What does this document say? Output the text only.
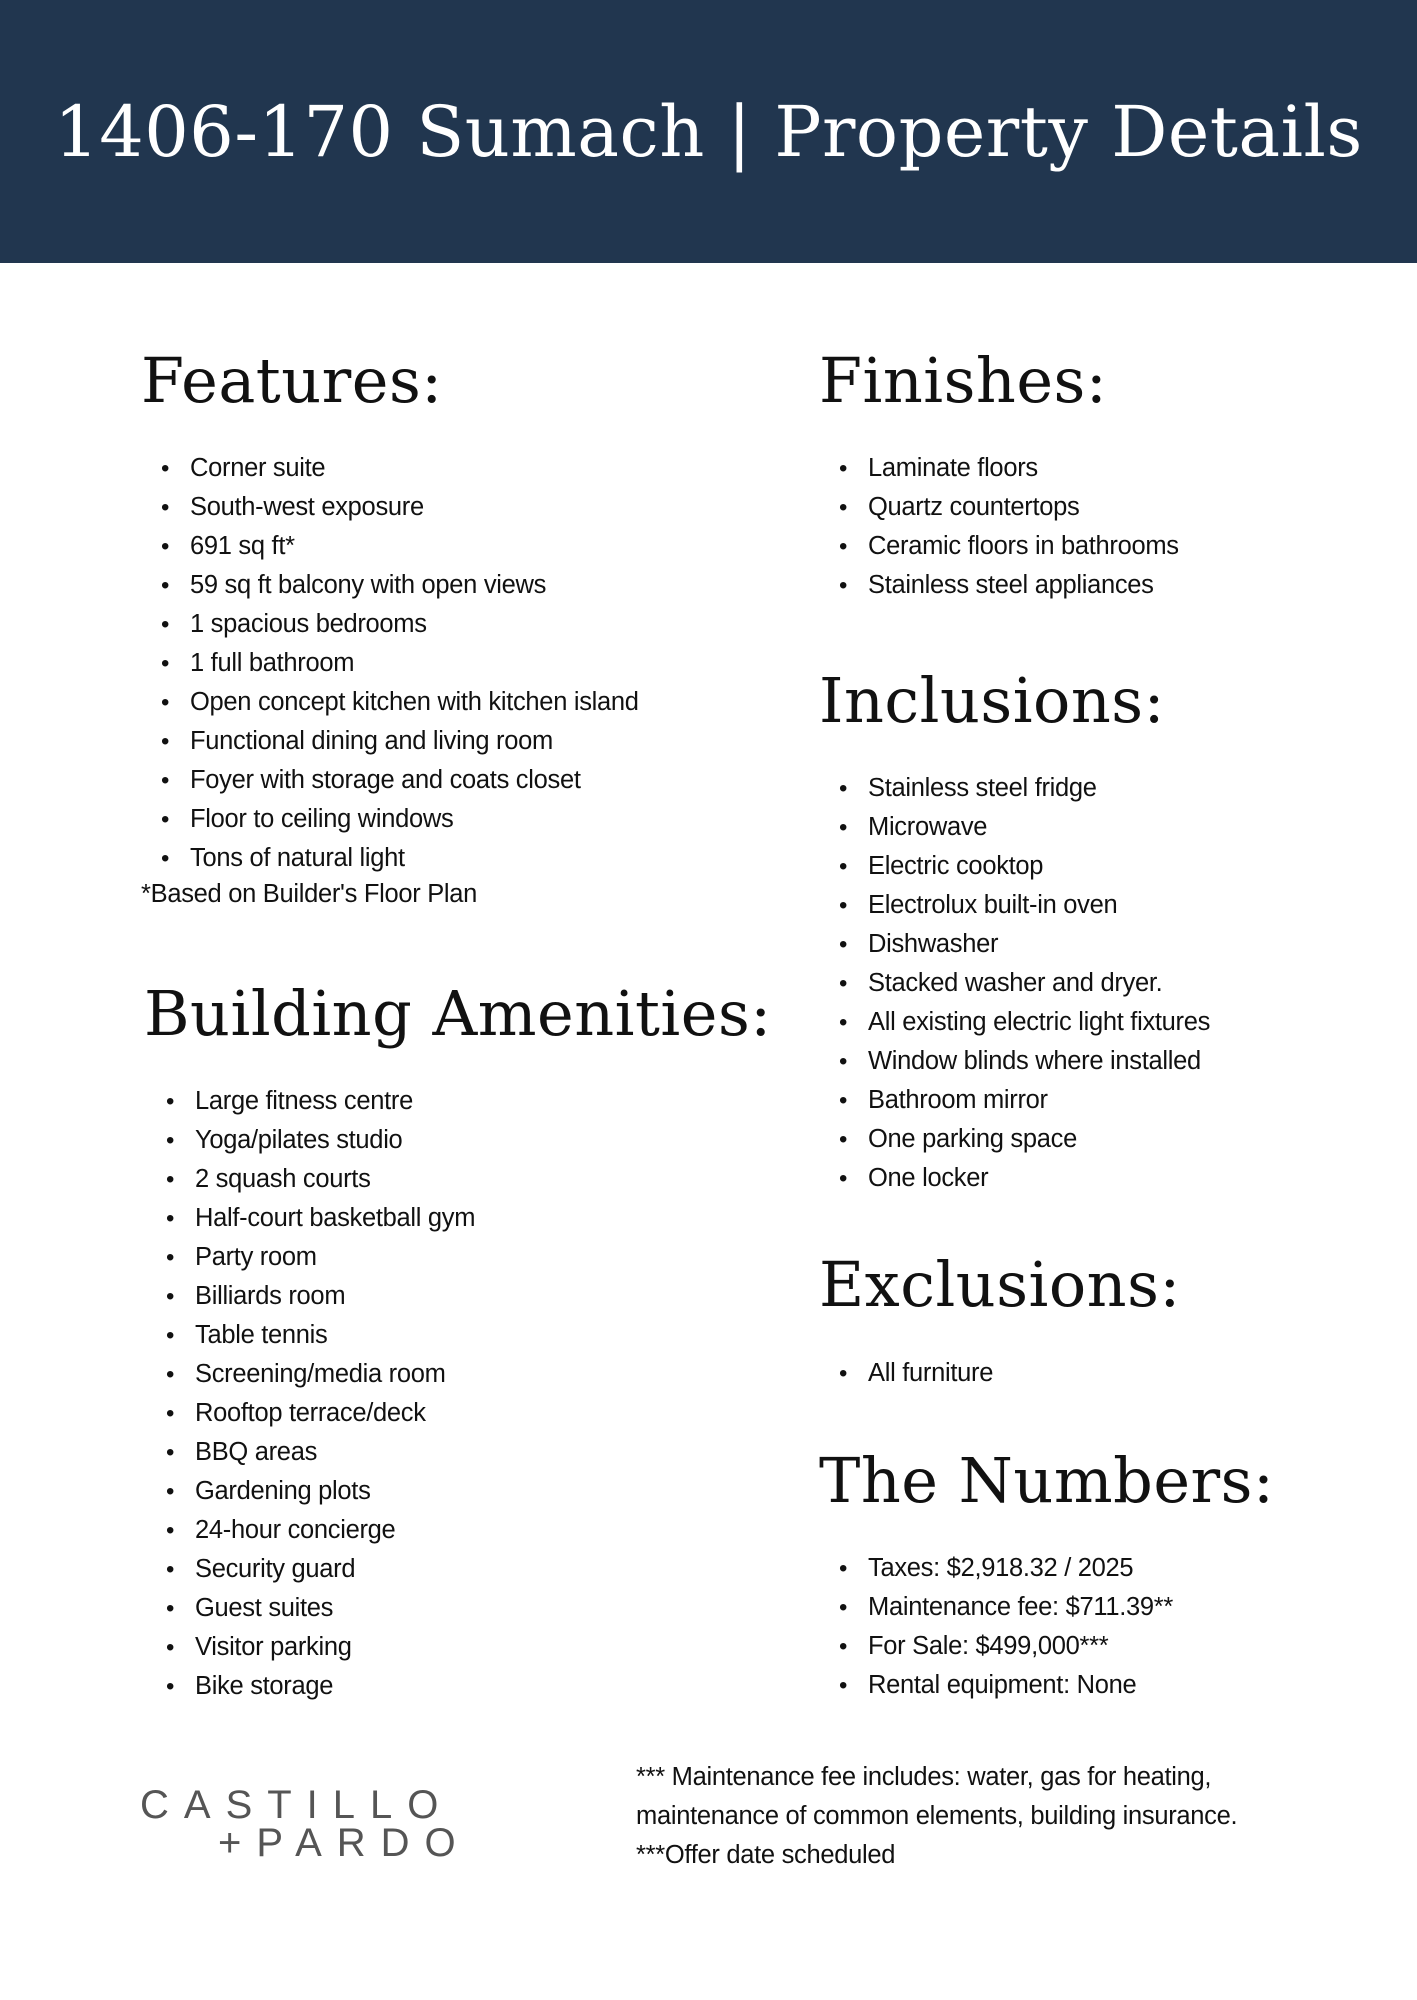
1406-170 Sumach | Property Details
Features:
• Corner suite
• South-west exposure
• 691 sq ft*
• 59 sq ft balcony with open views
• 1 spacious bedrooms
• 1 full bathroom
• Open concept kitchen with kitchen island
• Functional dining and living room
• Foyer with storage and coats closet
• Floor to ceiling windows
• Tons of natural light
*Based on Builder's Floor Plan
Building Amenities:
• Large fitness centre
• Yoga/pilates studio
• 2 squash courts
• Half-court basketball gym
• Party room
• Billiards room
• Table tennis
• Screening/media room
• Rooftop terrace/deck
• BBQ areas
• Gardening plots
• 24-hour concierge
• Security guard
• Guest suites
• Visitor parking
• Bike storage
Finishes:
• Laminate floors
• Quartz countertops
• Ceramic floors in bathrooms
• Stainless steel appliances
Inclusions:
• Stainless steel fridge
• Microwave
• Electric cooktop
• Electrolux built-in oven
• Dishwasher
• Stacked washer and dryer.
• All existing electric light fixtures
• Window blinds where installed
• Bathroom mirror
• One parking space
• One locker
Exclusions:
• All furniture
The Numbers:
• Taxes: $2,918.32 / 2025
• Maintenance fee: $711.39**
• For Sale: $499,000***
• Rental equipment: None
*** Maintenance fee includes: water, gas for heating,
maintenance of common elements, building insurance.
***Offer date scheduled
CASTILLO
+PARDO
